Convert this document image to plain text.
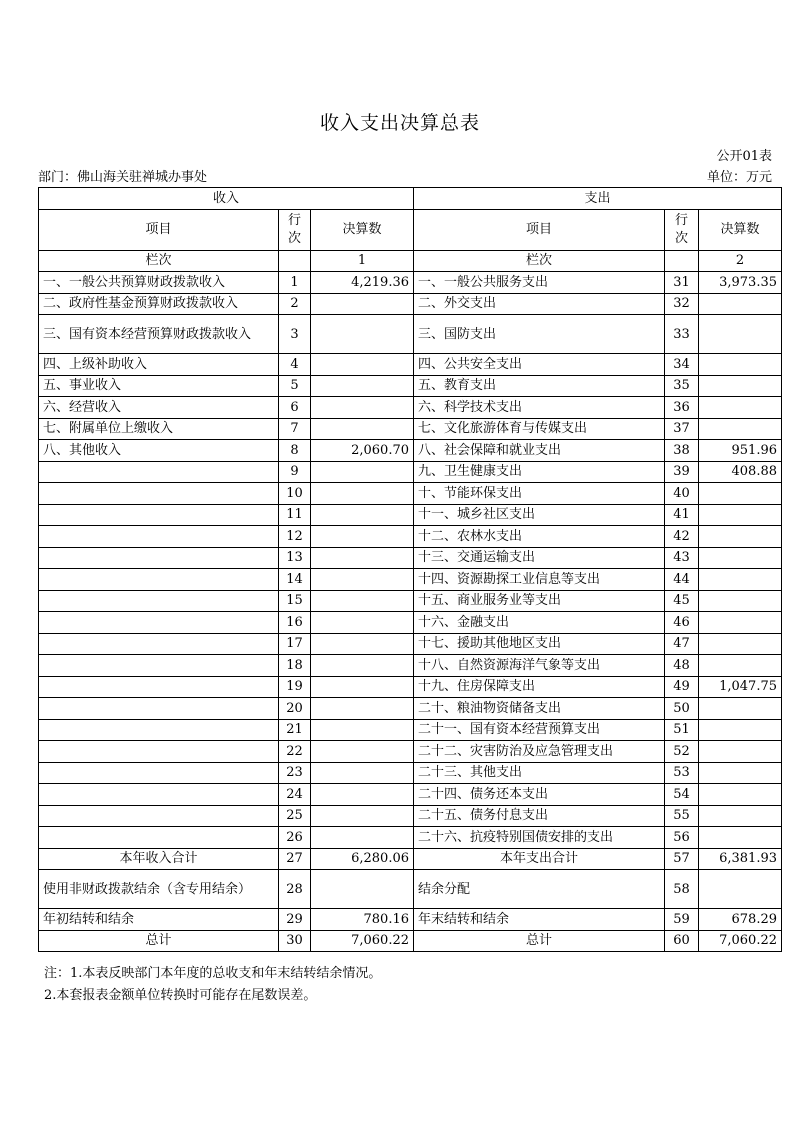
收入支出决算总表
公开01表
部门：佛山海关驻禅城办事处	单位：万元
收入			支出		
项目	行次	决算数	项目	行次	决算数
栏次		1	栏次		2
一、一般公共预算财政拨款收入	1	4,219.36	一、一般公共服务支出	31	3,973.35
二、政府性基金预算财政拨款收入	2		二、外交支出	32	
三、国有资本经营预算财政拨款收入	3		三、国防支出	33	
四、上级补助收入	4		四、公共安全支出	34	
五、事业收入	5		五、教育支出	35	
六、经营收入	6		六、科学技术支出	36	
七、附属单位上缴收入	7		七、文化旅游体育与传媒支出	37	
八、其他收入	8	2,060.70	八、社会保障和就业支出	38	951.96
	9		九、卫生健康支出	39	408.88
	10		十、节能环保支出	40	
	11		十一、城乡社区支出	41	
	12		十二、农林水支出	42	
	13		十三、交通运输支出	43	
	14		十四、资源勘探工业信息等支出	44	
	15		十五、商业服务业等支出	45	
	16		十六、金融支出	46	
	17		十七、援助其他地区支出	47	
	18		十八、自然资源海洋气象等支出	48	
	19		十九、住房保障支出	49	1,047.75
	20		二十、粮油物资储备支出	50	
	21		二十一、国有资本经营预算支出	51	
	22		二十二、灾害防治及应急管理支出	52	
	23		二十三、其他支出	53	
	24		二十四、债务还本支出	54	
	25		二十五、债务付息支出	55	
	26		二十六、抗疫特别国债安排的支出	56	
本年收入合计	27	6,280.06	本年支出合计	57	6,381.93
使用非财政拨款结余（含专用结余）	28		结余分配	58	
年初结转和结余	29	780.16	年末结转和结余	59	678.29
总计	30	7,060.22	总计	60	7,060.22
注：1.本表反映部门本年度的总收支和年末结转结余情况。
2.本套报表金额单位转换时可能存在尾数误差。
